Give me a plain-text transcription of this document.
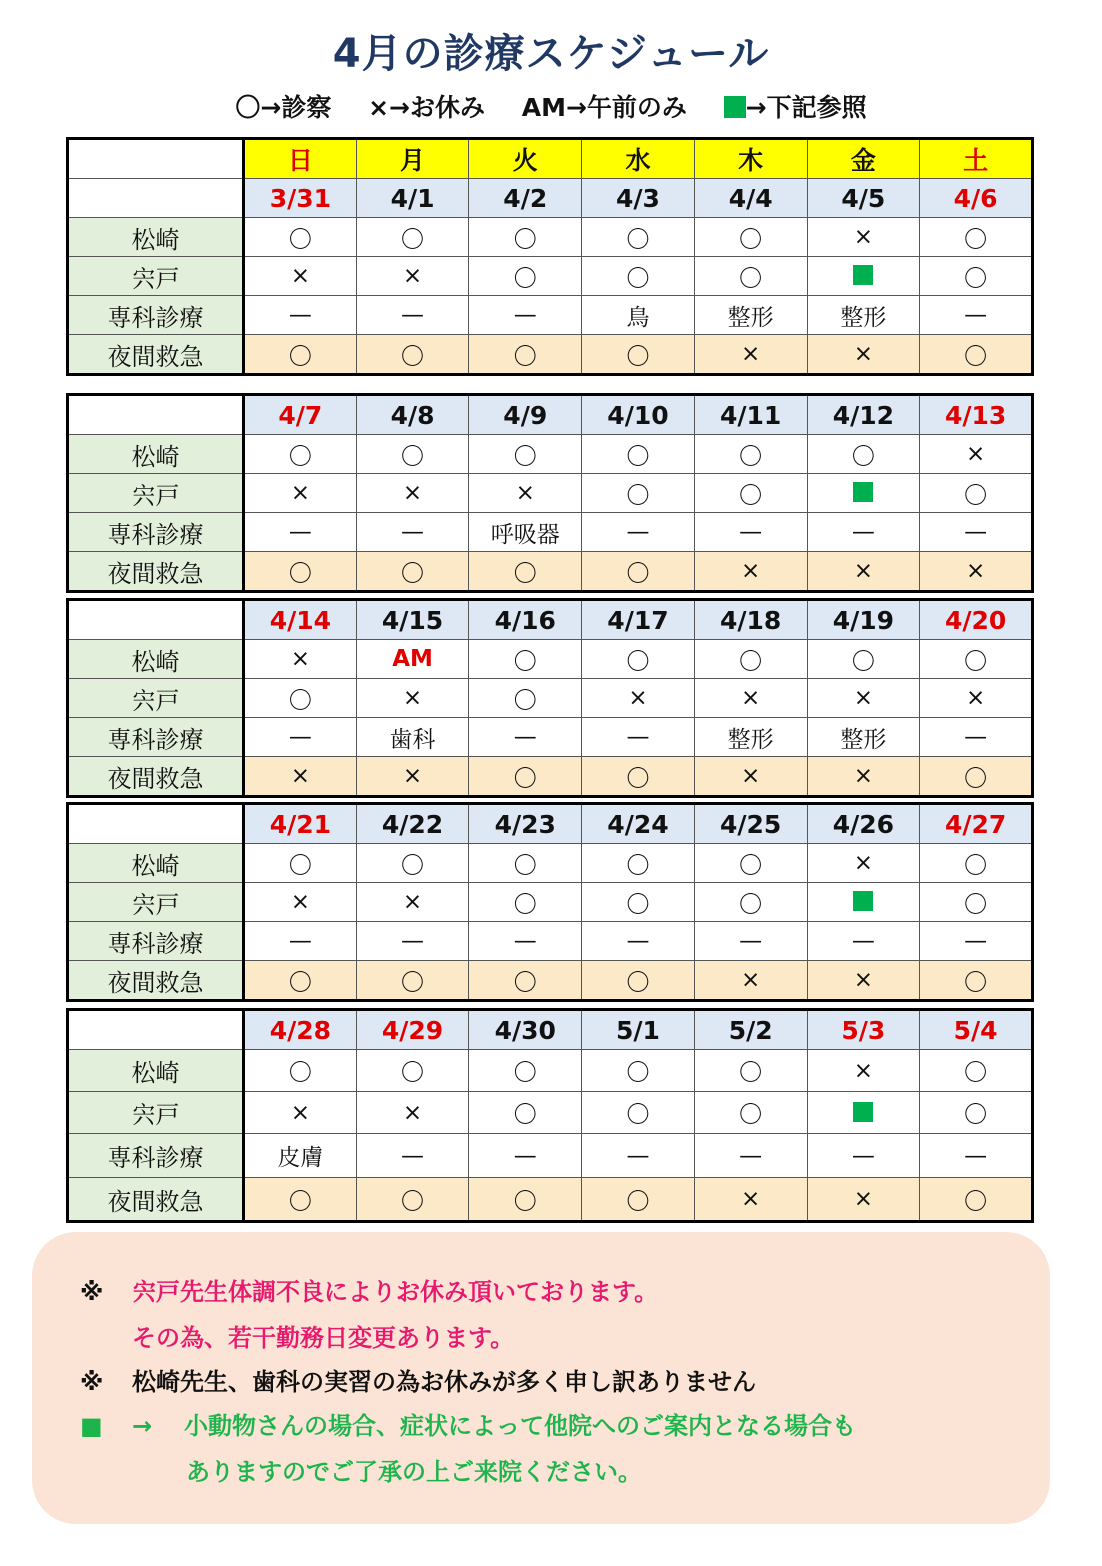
4月の診療スケジュール
〇→診察 ×→お休み AM→午前のみ →下記参照
	日	月	火	水	木	金	土
	3/31	4/1	4/2	4/3	4/4	4/5	4/6
松崎	〇	〇	〇	〇	〇	×	〇
宍戸	×	×	〇	〇	〇		〇
専科診療	—	—	—	鳥	整形	整形	—
夜間救急	〇	〇	〇	〇	×	×	〇
	4/7	4/8	4/9	4/10	4/11	4/12	4/13
松崎	〇	〇	〇	〇	〇	〇	×
宍戸	×	×	×	〇	〇		〇
専科診療	—	—	呼吸器	—	—	—	—
夜間救急	〇	〇	〇	〇	×	×	×
	4/14	4/15	4/16	4/17	4/18	4/19	4/20
松崎	×	AM	〇	〇	〇	〇	〇
宍戸	〇	×	〇	×	×	×	×
専科診療	—	歯科	—	—	整形	整形	—
夜間救急	×	×	〇	〇	×	×	〇
	4/21	4/22	4/23	4/24	4/25	4/26	4/27
松崎	〇	〇	〇	〇	〇	×	〇
宍戸	×	×	〇	〇	〇		〇
専科診療	—	—	—	—	—	—	—
夜間救急	〇	〇	〇	〇	×	×	〇
	4/28	4/29	4/30	5/1	5/2	5/3	5/4
松崎	〇	〇	〇	〇	〇	×	〇
宍戸	×	×	〇	〇	〇		〇
専科診療	皮膚	—	—	—	—	—	—
夜間救急	〇	〇	〇	〇	×	×	〇
※ 宍戸先生体調不良によりお休み頂いております。
その為、若干勤務日変更あります。
※ 松崎先生、歯科の実習の為お休みが多く申し訳ありません
■ → 小動物さんの場合、症状によって他院へのご案内となる場合も
ありますのでご了承の上ご来院ください。
